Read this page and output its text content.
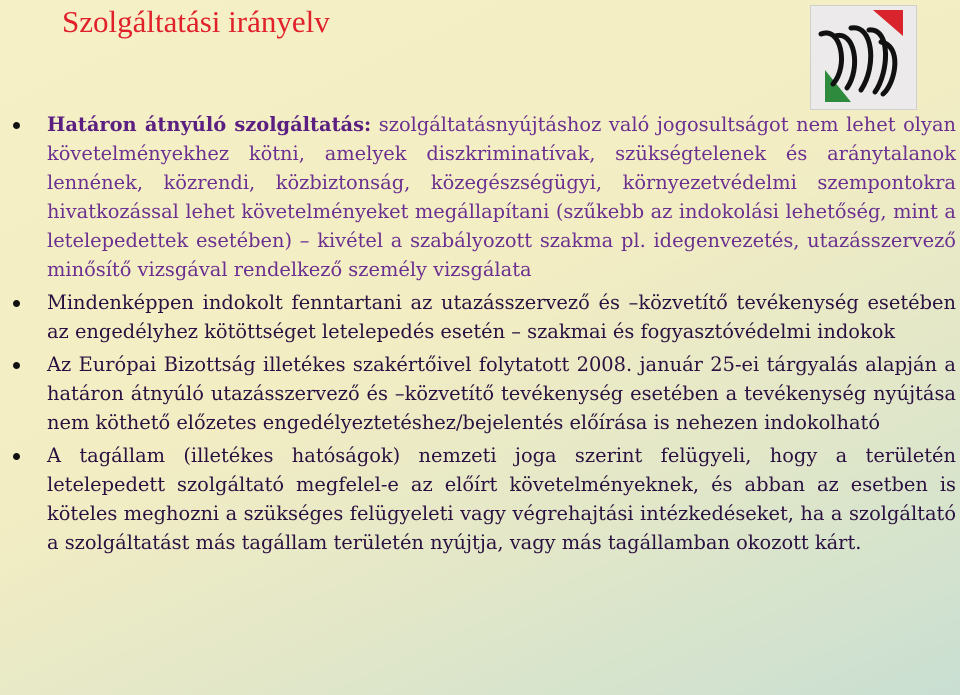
Szolgáltatási irányelv

Határon átnyúló szolgáltatás: szolgáltatásnyújtáshoz való jogosultságot nem lehet olyan követelményekhez kötni, amelyek diszkriminatívak, szükségtelenek és aránytalanok lennének, közrendi, közbiztonság, közegészségügyi, környezetvédelmi szempontokra hivatkozással lehet követelményeket megállapítani (szűkebb az indokolási lehetőség, mint a letelepedettek esetében) – kivétel a szabályozott szakma pl. idegenvezetés, utazásszervező minősítő vizsgával rendelkező személy vizsgálata

Mindenképpen indokolt fenntartani az utazásszervező és –közvetítő tevékenység esetében az engedélyhez kötöttséget letelepedés esetén – szakmai és fogyasztóvédelmi indokok

Az Európai Bizottság illetékes szakértőivel folytatott 2008. január 25-ei tárgyalás alapján a határon átnyúló utazásszervező és –közvetítő tevékenység esetében a tevékenység nyújtása nem köthető előzetes engedélyeztetéshez/bejelentés előírása is nehezen indokolható

A tagállam (illetékes hatóságok) nemzeti joga szerint felügyeli, hogy a területén letelepedett szolgáltató megfelel-e az előírt követelményeknek, és abban az esetben is köteles meghozni a szükséges felügyeleti vagy végrehajtási intézkedéseket, ha a szolgáltató a szolgáltatást más tagállam területén nyújtja, vagy más tagállamban okozott kárt.
